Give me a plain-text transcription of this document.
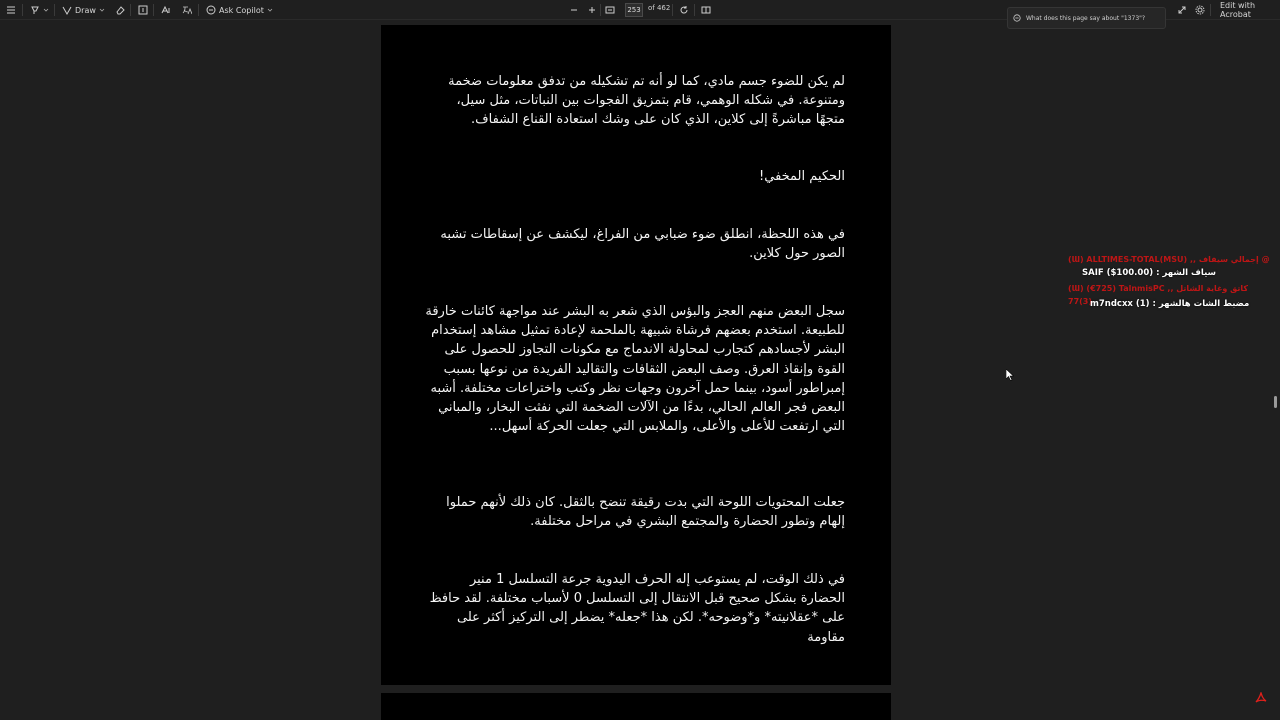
Draw	Ask Copilot	253	of 462	Edit with Acrobat
What does this page say about "1373"?
لم يكن للضوء جسم مادي، كما لو أنه تم تشكيله من تدفق معلومات ضخمة ومتنوعة. في شكله الوهمي، قام بتمزيق الفجوات بين النباتات، مثل سيل، متجهًا مباشرةً إلى كلاين، الذي كان على وشك استعادة القناع الشفاف.
الحكيم المخفي!
في هذه اللحظة، انطلق ضوء ضبابي من الفراغ، ليكشف عن إسقاطات تشبه الصور حول كلاين.
سجل البعض منهم العجز والبؤس الذي شعر به البشر عند مواجهة كائنات خارقة للطبيعة. استخدم بعضهم فرشاة شبيهة بالملحمة لإعادة تمثيل مشاهد إستخدام البشر لأجسادهم كتجارب لمحاولة الاندماج مع مكونات التجاوز للحصول على القوة وإنقاذ العرق. وصف البعض الثقافات والتقاليد الفريدة من نوعها بسبب إمبراطور أسود، بينما حمل آخرون وجهات نظر وكتب واختراعات مختلفة. أشبه البعض فجر العالم الحالي، بدءًا من الآلات الضخمة التي نفثت البخار، والمباني التي ارتفعت للأعلى والأعلى، والملابس التي جعلت الحركة أسهل...
جعلت المحتويات اللوحة التي بدت رقيقة تنضح بالثقل. كان ذلك لأنهم حملوا إلهام وتطور الحضارة والمجتمع البشري في مراحل مختلفة.
في ذلك الوقت، لم يستوعب إله الحرف اليدوية جرعة التسلسل 1 منير الحضارة بشكل صحيح قبل الانتقال إلى التسلسل 0 لأسباب مختلفة. لقد حافظ على *عقلانيته* و*وضوحه*. لكن هذا *جعله* يضطر إلى التركيز أكثر على مقاومة
(Ɯ) ALLTIMES-TOTAL(MSU) ,, إجمالي سيفاف @
SAIF ($100.00) : سياف الشهر
(Ɯ) (€725) TalnmisPC ,, كاتق وغاية الشاتل
77(3)
m7ndcxx (1) : مضبط الشات هالشهر
